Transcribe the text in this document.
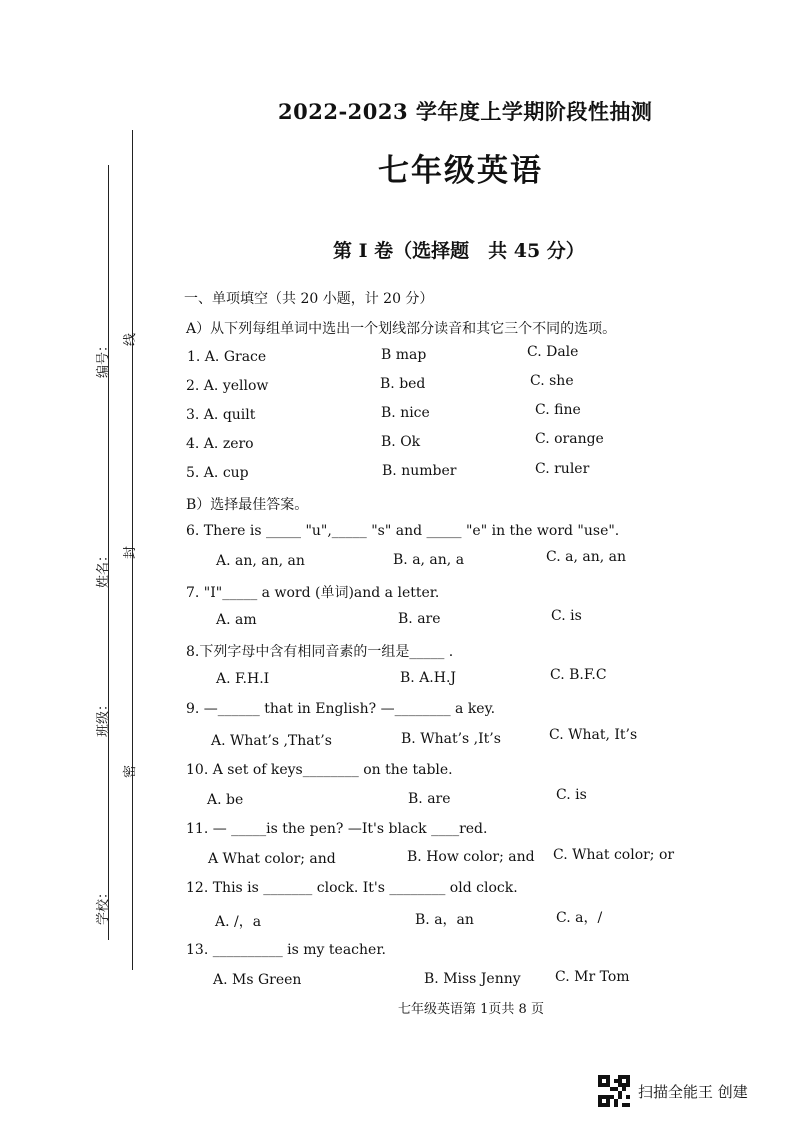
编号：
姓名：
班级：
学校：
线
封
密
2022-2023 学年度上学期阶段性抽测
七年级英语
第 I 卷（选择题　共 45 分）
一、单项填空（共 20 小题，计 20 分）
A）从下列每组单词中选出一个划线部分读音和其它三个不同的选项。
1. A. Grace	B map	C. Dale
2. A. yellow	B. bed	C. she
3. A. quilt	B. nice	C. fine
4. A. zero	B. Ok	C. orange
5. A. cup	B. number	C. ruler
B）选择最佳答案。
6. There is _____ "u",_____ "s" and _____ "e" in the word "use".
A. an, an, an	B. a, an, a	C. a, an, an
7. "I"_____ a word (单词)and a letter.
A. am	B. are	C. is
8.下列字母中含有相同音素的一组是_____ .
A. F.H.I	B. A.H.J	C. B.F.C
9. —______ that in English? —________ a key.
A. What’s ,That’s	B. What’s ,It’s	C. What, It’s
10. A set of keys________ on the table.
A. be	B. are	C. is
11. — _____is the pen? —It's black ____red.
A What color; and	B. How color; and C. What color; or
12. This is _______ clock. It's ________ old clock.
A. /，a	B. a，an	C. a，/
13. __________ is my teacher.
A. Ms Green	B. Miss Jenny C. Mr Tom
七年级英语第 1页共 8 页
扫描全能王 创建
